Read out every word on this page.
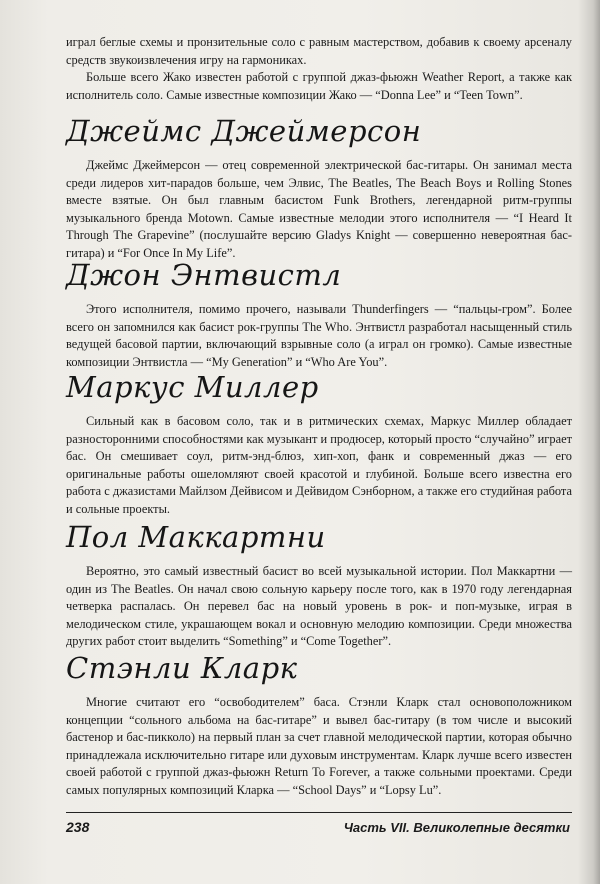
играл беглые схемы и пронзительные соло с равным мастерством, добавив к своему арсеналу средств звукоизвлечения игру на гармониках.

Больше всего Жако известен работой с группой джаз-фьюжн Weather Report, а также как исполнитель соло. Самые известные композиции Жако — “Donna Lee” и “Teen Town”.

Джеймс Джеймерсон

Джеймс Джеймерсон — отец современной электрической бас-гитары. Он занимал места среди лидеров хит-парадов больше, чем Элвис, The Beatles, The Beach Boys и Rolling Stones вместе взятые. Он был главным басистом Funk Brothers, легендарной ритм-группы музыкального бренда Motown. Самые известные мелодии этого исполнителя — “I Heard It Through The Grapevine” (послушайте версию Gladys Knight — совершенно невероятная бас-гитара) и “For Once In My Life”.

Джон Энтвистл

Этого исполнителя, помимо прочего, называли Thunderfingers — “пальцы-гром”. Более всего он запомнился как басист рок-группы The Who. Энтвистл разработал насыщенный стиль ведущей басовой партии, включающий взрывные соло (а играл он громко). Самые известные композиции Энтвистла — “My Generation” и “Who Are You”.

Маркус Миллер

Сильный как в басовом соло, так и в ритмических схемах, Маркус Миллер обладает разносторонними способностями как музыкант и продюсер, который просто “случайно” играет бас. Он смешивает соул, ритм-энд-блюз, хип-хоп, фанк и современный джаз — его оригинальные работы ошеломляют своей красотой и глубиной. Больше всего известна его работа с джазистами Майлзом Дейвисом и Дейвидом Сэнборном, а также его студийная работа и сольные проекты.

Пол Маккартни

Вероятно, это самый известный басист во всей музыкальной истории. Пол Маккартни — один из The Beatles. Он начал свою сольную карьеру после того, как в 1970 году легендарная четверка распалась. Он перевел бас на новый уровень в рок- и поп-музыке, играя в мелодическом стиле, украшающем вокал и основную мелодию композиции. Среди множества других работ стоит выделить “Something” и “Come Together”.

Стэнли Кларк

Многие считают его “освободителем” баса. Стэнли Кларк стал основоположником концепции “сольного альбома на бас-гитаре” и вывел бас-гитару (в том числе и высокий бастенор и бас-пикколо) на первый план за счет главной мелодической партии, которая обычно принадлежала исключительно гитаре или духовым инструментам. Кларк лучше всего известен своей работой с группой джаз-фьюжн Return To Forever, а также сольными проектами. Среди самых популярных композиций Кларка — “School Days” и “Lopsy Lu”.

238	Часть VII. Великолепные десятки
